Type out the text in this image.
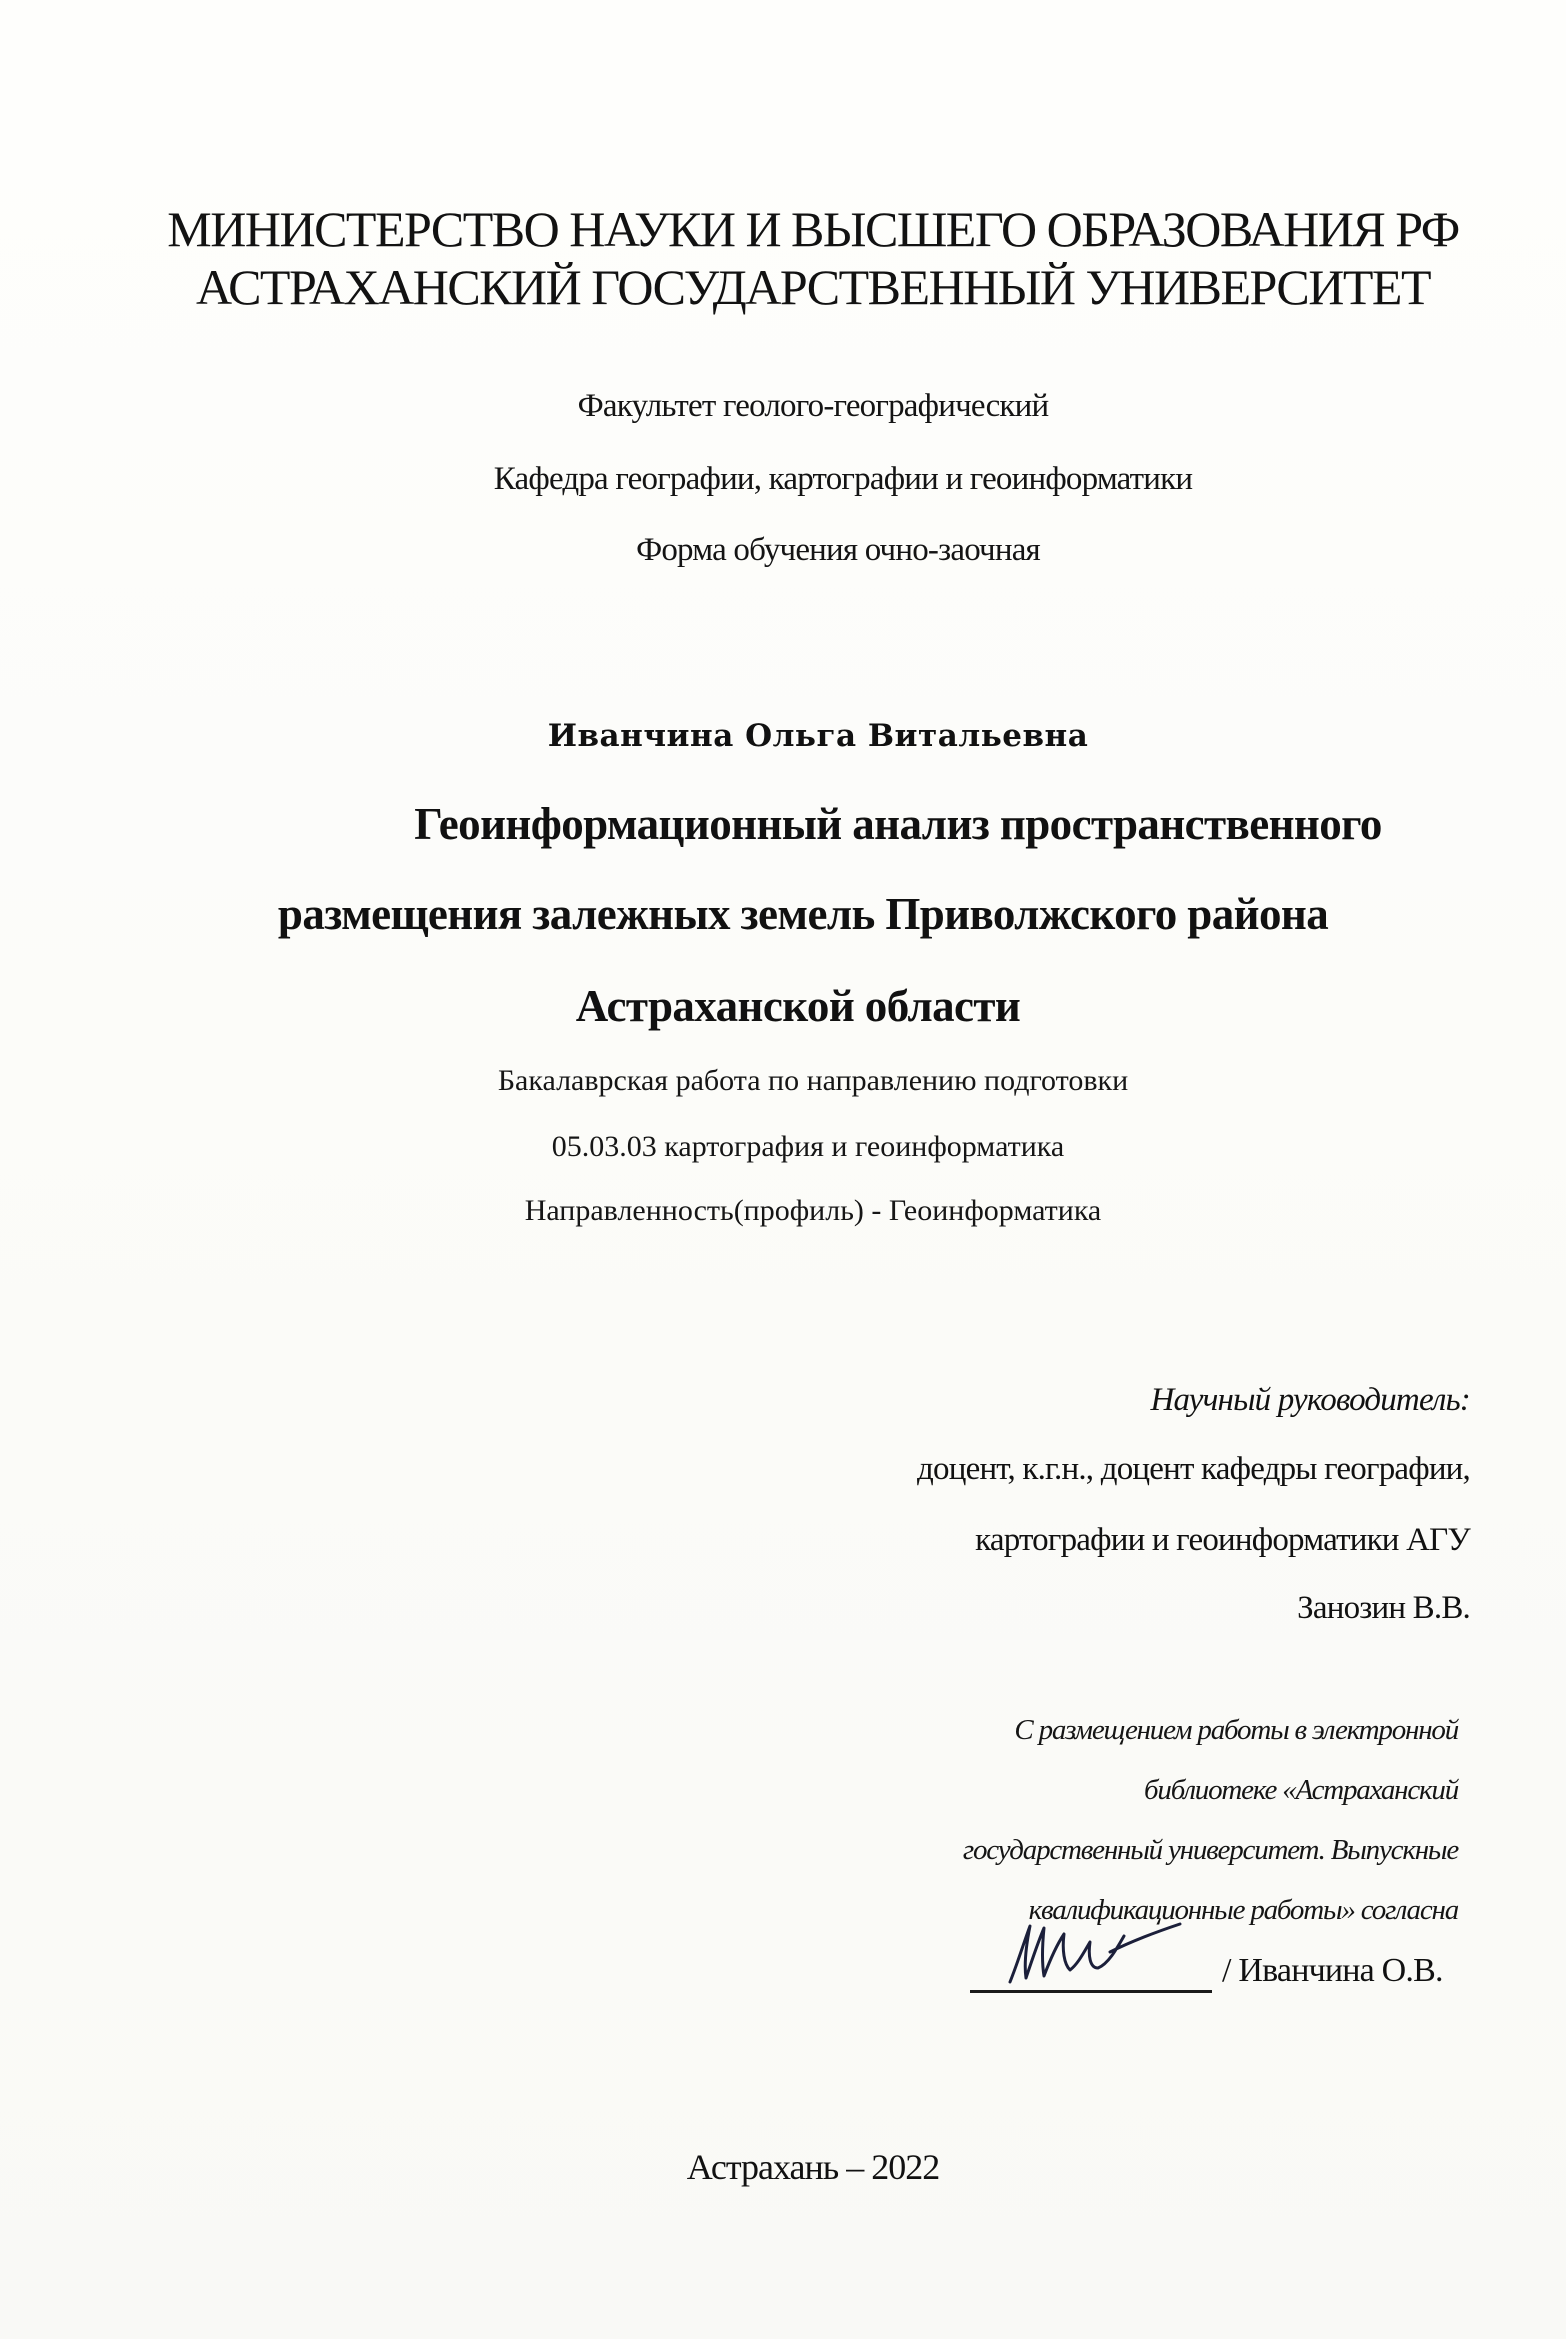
МИНИСТЕРСТВО НАУКИ И ВЫСШЕГО ОБРАЗОВАНИЯ РФ
АСТРАХАНСКИЙ ГОСУДАРСТВЕННЫЙ УНИВЕРСИТЕТ
Факультет геолого-географический
Кафедра географии, картографии и геоинформатики
Форма обучения очно-заочная
Иванчина Ольга Витальевна
Геоинформационный анализ пространственного
размещения залежных земель Приволжского района
Астраханской области
Бакалаврская работа по направлению подготовки
05.03.03 картография и геоинформатика
Направленность(профиль) - Геоинформатика
Научный руководитель:
доцент, к.г.н., доцент кафедры географии,
картографии и геоинформатики АГУ
Занозин В.В.
С размещением работы в электронной
библиотеке «Астраханский
государственный университет. Выпускные
квалификационные работы» согласна
/ Иванчина О.В.
Астрахань – 2022
